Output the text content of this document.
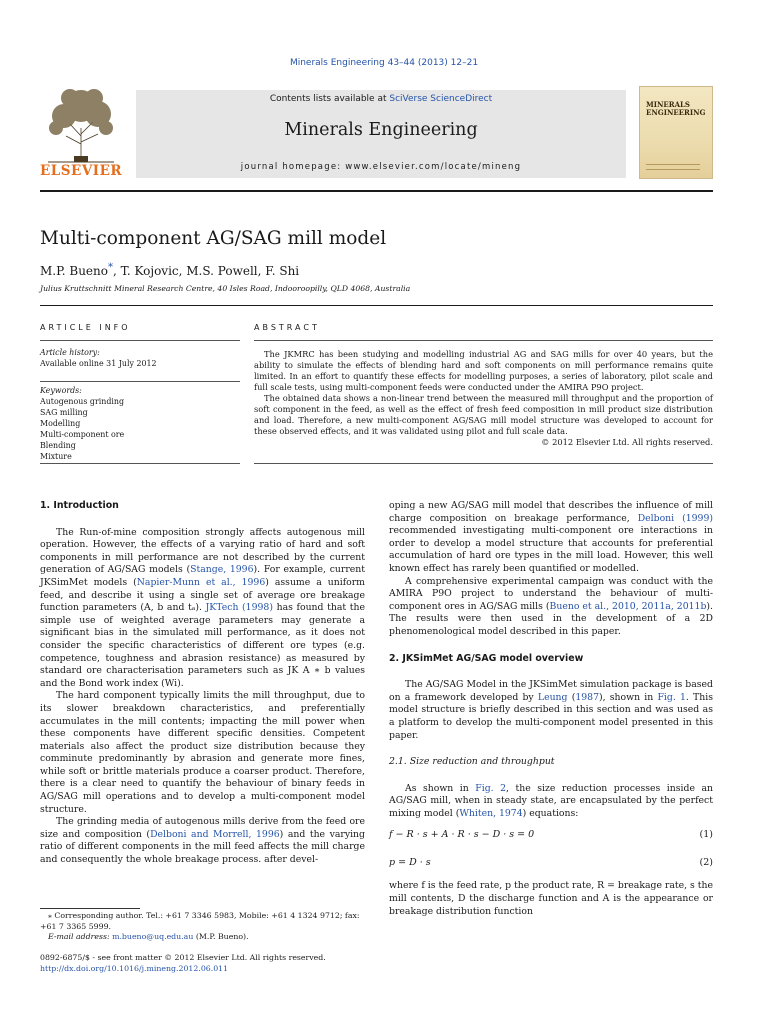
Minerals Engineering 43–44 (2013) 12–21
ELSEVIER
Contents lists available at SciVerse ScienceDirect
Minerals Engineering
journal homepage: www.elsevier.com/locate/mineng
MINERALS ENGINEERING
Multi-component AG/SAG mill model
M.P. Bueno*, T. Kojovic, M.S. Powell, F. Shi
Julius Kruttschnitt Mineral Research Centre, 40 Isles Road, Indooroopilly, QLD 4068, Australia
ARTICLE INFO	ABSTRACT
Article history:
Available online 31 July 2012
Keywords:
Autogenous grinding
SAG milling
Modelling
Multi-component ore
Blending
Mixture

The JKMRC has been studying and modelling industrial AG and SAG mills for over 40 years, but the ability to simulate the effects of blending hard and soft components on mill performance remains quite limited. In an effort to quantify these effects for modelling purposes, a series of laboratory, pilot scale and full scale tests, using multi-component feeds were conducted under the AMIRA P9O project.

The obtained data shows a non-linear trend between the measured mill throughput and the proportion of soft component in the feed, as well as the effect of fresh feed composition in mill product size distribution and load. Therefore, a new multi-component AG/SAG mill model structure was developed to account for these observed effects, and it was validated using pilot and full scale data.

© 2012 Elsevier Ltd. All rights reserved.

1. Introduction

The Run-of-mine composition strongly affects autogenous mill operation. However, the effects of a varying ratio of hard and soft components in mill performance are not described by the current generation of AG/SAG models (Stange, 1996). For example, current JKSimMet models (Napier-Munn et al., 1996) assume a uniform feed, and describe it using a single set of average ore breakage function parameters (A, b and tₐ). JKTech (1998) has found that the simple use of weighted average parameters may generate a significant bias in the simulated mill performance, as it does not consider the specific characteristics of different ore types (e.g. competence, toughness and abrasion resistance) as measured by standard ore characterisation parameters such as JK A ∗ b values and the Bond work index (Wi).

The hard component typically limits the mill throughput, due to its slower breakdown characteristics, and preferentially accumulates in the mill contents; impacting the mill power when these components have different specific densities. Competent materials also affect the product size distribution because they comminute predominantly by abrasion and generate more fines, while soft or brittle materials produce a coarser product. Therefore, there is a clear need to quantify the behaviour of binary feeds in AG/SAG mill operations and to develop a multi-component model structure.

The grinding media of autogenous mills derive from the feed ore size and composition (Delboni and Morrell, 1996) and the varying ratio of different components in the mill feed affects the mill charge and consequently the whole breakage process. after devel-

oping a new AG/SAG mill model that describes the influence of mill charge composition on breakage performance, Delboni (1999) recommended investigating multi-component ore interactions in order to develop a model structure that accounts for preferential accumulation of hard ore types in the mill load. However, this well known effect has rarely been quantified or modelled.

A comprehensive experimental campaign was conduct with the AMIRA P9O project to understand the behaviour of multi-component ores in AG/SAG mills (Bueno et al., 2010, 2011a, 2011b). The results were then used in the development of a 2D phenomenological model described in this paper.

2. JKSimMet AG/SAG model overview

The AG/SAG Model in the JKSimMet simulation package is based on a framework developed by Leung (1987), shown in Fig. 1. This model structure is briefly described in this section and was used as a platform to develop the multi-component model presented in this paper.

2.1. Size reduction and throughput

As shown in Fig. 2, the size reduction processes inside an AG/SAG mill, when in steady state, are encapsulated by the perfect mixing model (Whiten, 1974) equations:

f − R · s + A · R · s − D · s = 0	(1)
p = D · s	(2)

where f is the feed rate, p the product rate, R = breakage rate, s the mill contents, D the discharge function and A is the appearance or breakage distribution function

⁎ Corresponding author. Tel.: +61 7 3346 5983, Mobile: +61 4 1324 9712; fax: +61 7 3365 5999.

E-mail address: m.bueno@uq.edu.au (M.P. Bueno).

0892-6875/$ - see front matter © 2012 Elsevier Ltd. All rights reserved.
http://dx.doi.org/10.1016/j.mineng.2012.06.011
